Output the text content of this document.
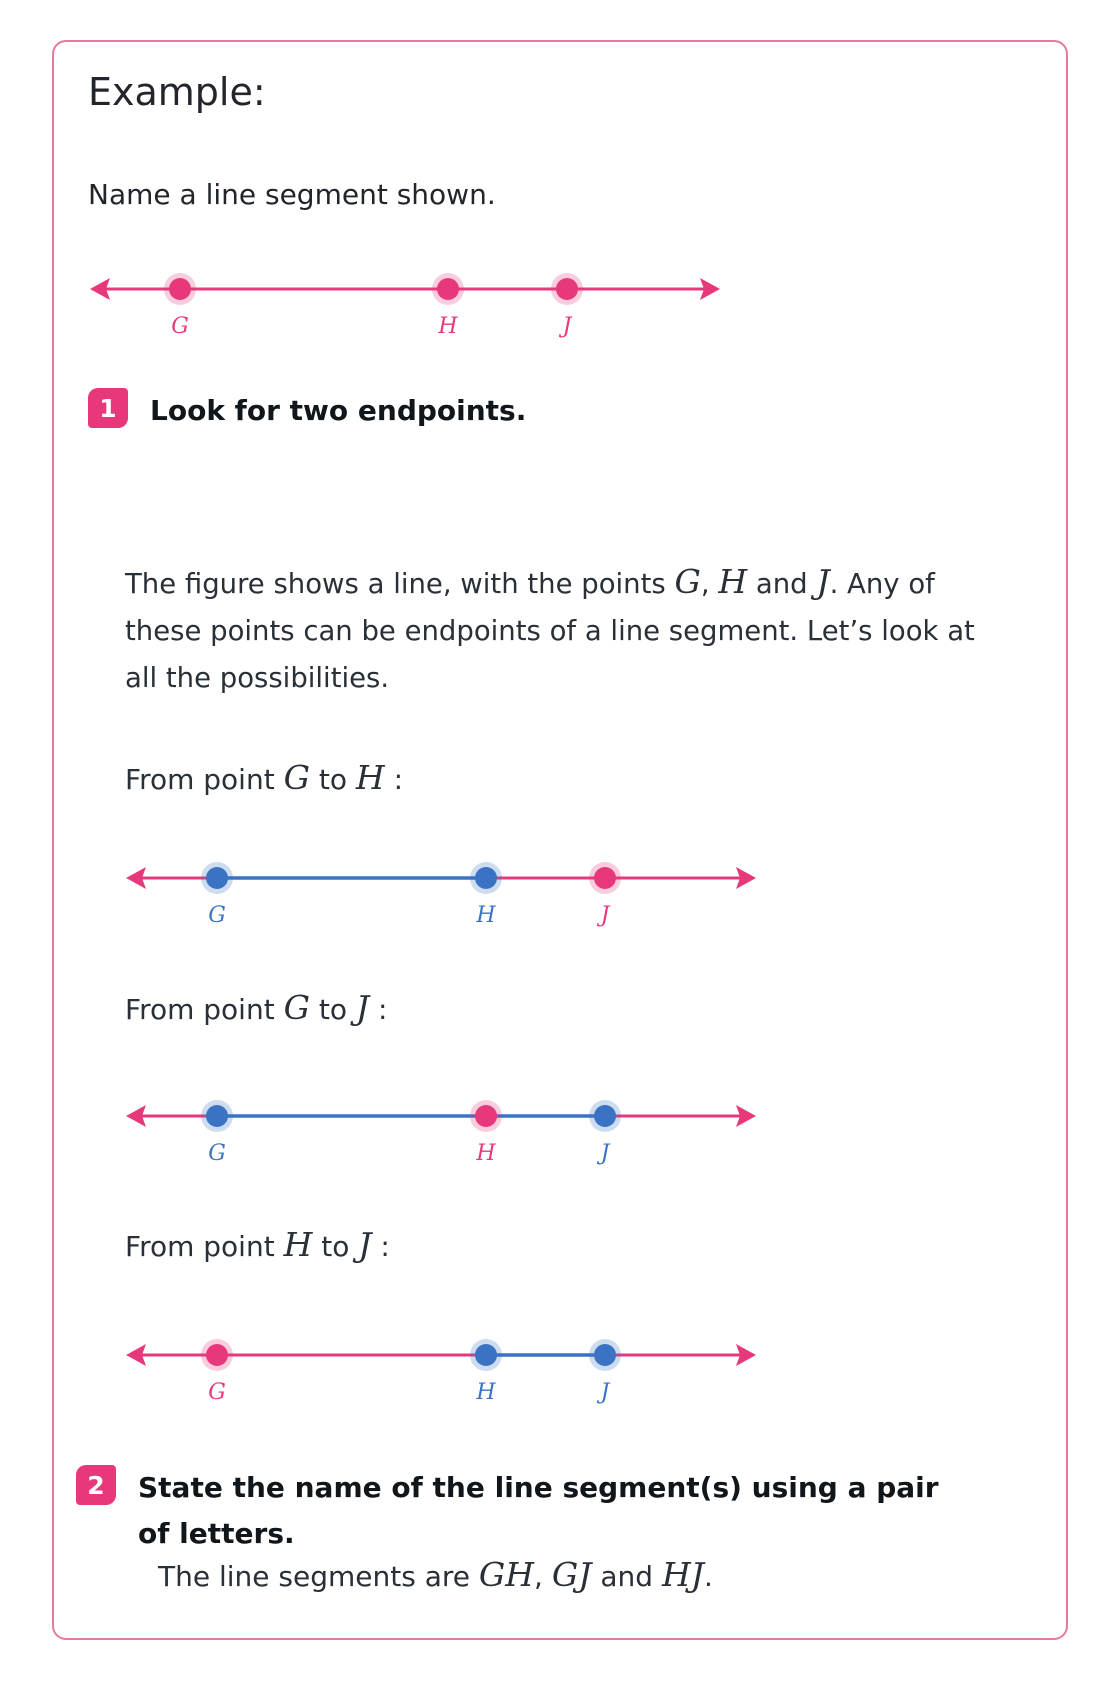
Example:
Name a line segment shown.
G	H	J
G	H	J
G	H	J
G	H	J
1	Look for two endpoints.
The figure shows a line, with the points G, H and J. Any of these points can be endpoints of a line segment. Let’s look at all the possibilities.
From point G to H :
From point G to J :
From point H to J :
2	State the name of the line segment(s) using a pair of letters.
The line segments are GH, GJ and HJ.
